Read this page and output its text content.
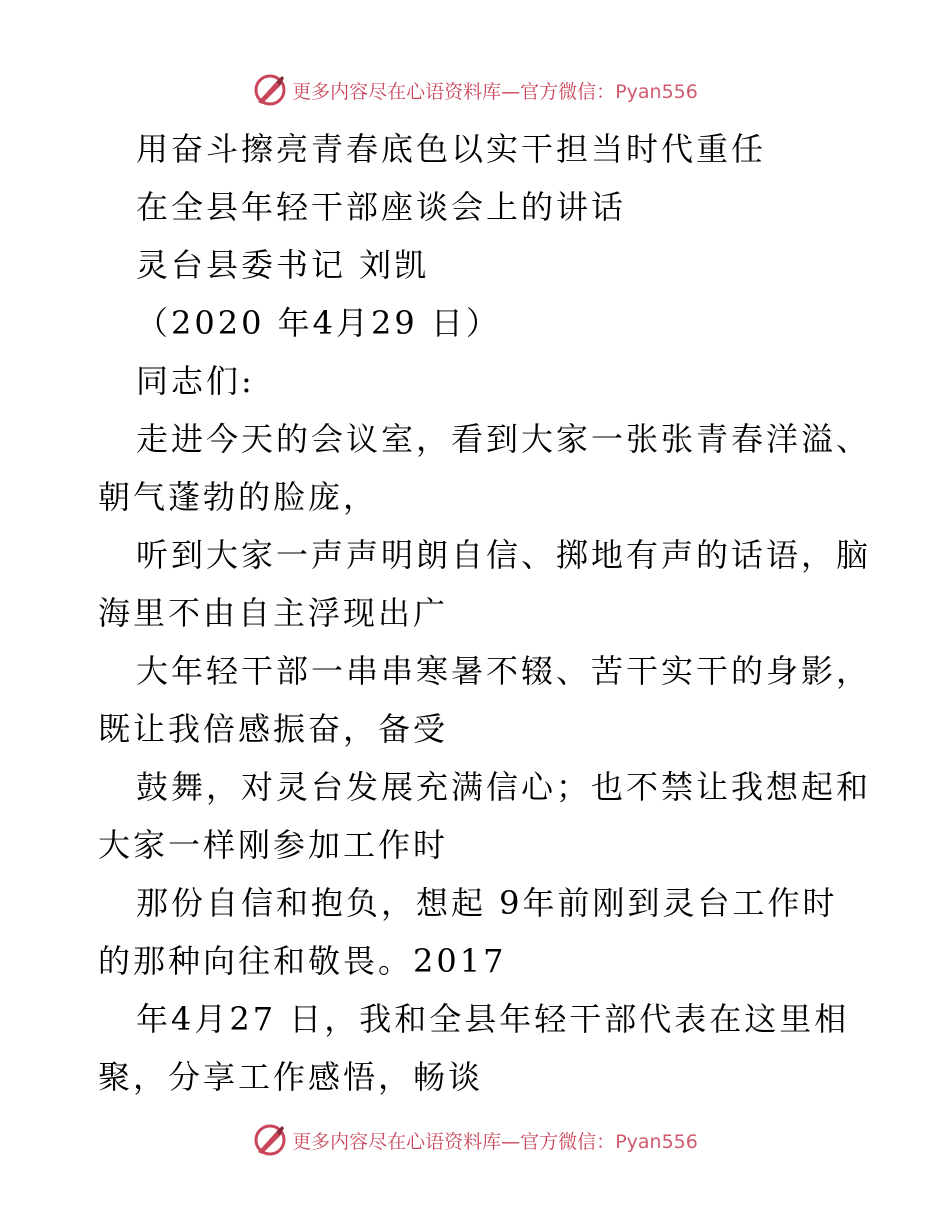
更多内容尽在心语资料库—官方微信：Pyan556
用奋斗擦亮青春底色以实干担当时代重任
在全县年轻干部座谈会上的讲话
灵台县委书记 刘凯
（2020 年4月29 日）
同志们:
走进今天的会议室，看到大家一张张青春洋溢、
朝气蓬勃的脸庞，
听到大家一声声明朗自信、掷地有声的话语，脑
海里不由自主浮现出广
大年轻干部一串串寒暑不辍、苦干实干的身影，
既让我倍感振奋，备受
鼓舞，对灵台发展充满信心；也不禁让我想起和
大家一样刚参加工作时
那份自信和抱负，想起 9年前刚到灵台工作时
的那种向往和敬畏。2017
年4月27 日，我和全县年轻干部代表在这里相
聚，分享工作感悟，畅谈
更多内容尽在心语资料库—官方微信：Pyan556
